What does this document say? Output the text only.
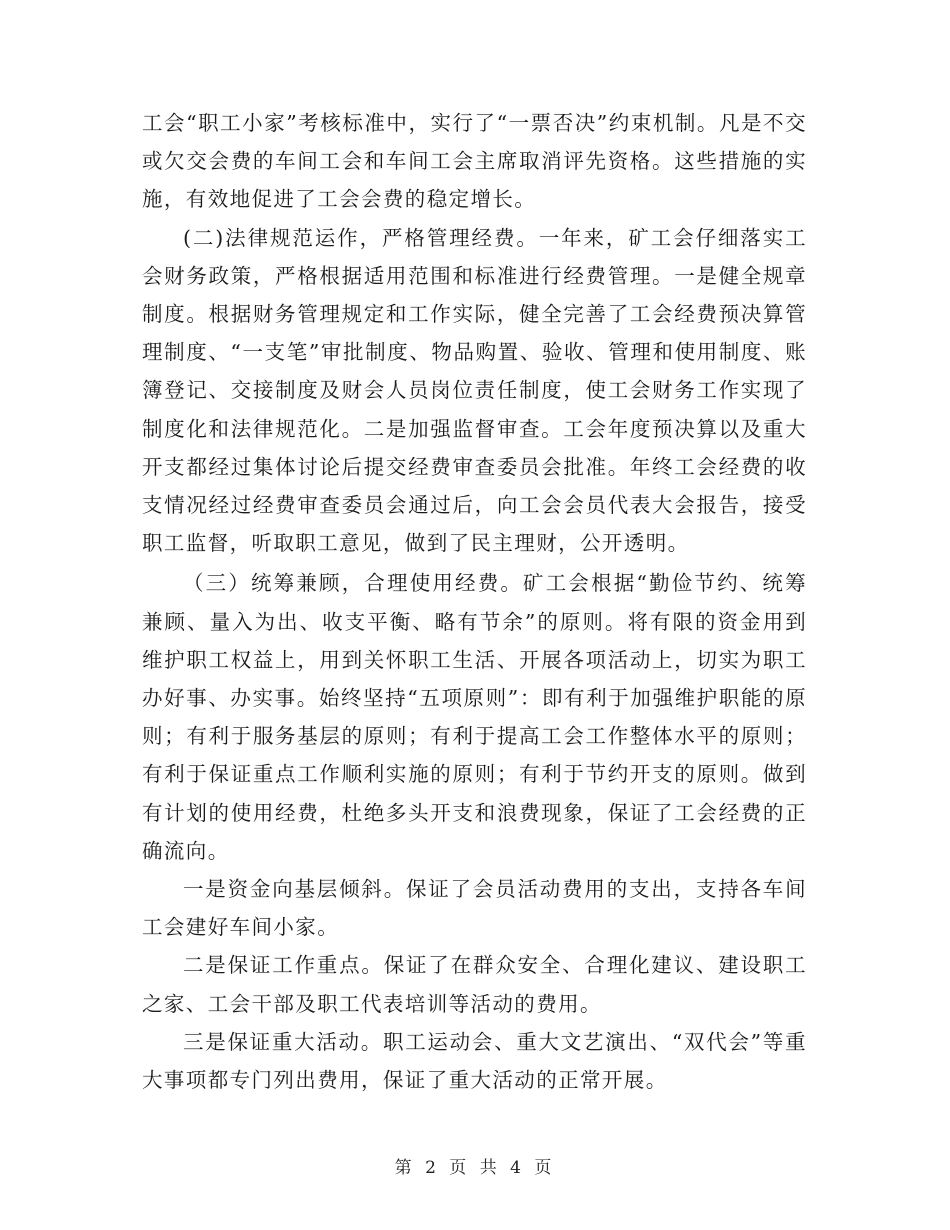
工会“职工小家”考核标准中，实行了“一票否决”约束机制。凡是不交或欠交会费的车间工会和车间工会主席取消评先资格。这些措施的实施，有效地促进了工会会费的稳定增长。

(二)法律规范运作，严格管理经费。一年来，矿工会仔细落实工会财务政策，严格根据适用范围和标准进行经费管理。一是健全规章制度。根据财务管理规定和工作实际，健全完善了工会经费预决算管理制度、“一支笔”审批制度、物品购置、验收、管理和使用制度、账簿登记、交接制度及财会人员岗位责任制度，使工会财务工作实现了制度化和法律规范化。二是加强监督审查。工会年度预决算以及重大开支都经过集体讨论后提交经费审查委员会批准。年终工会经费的收支情况经过经费审查委员会通过后，向工会会员代表大会报告，接受职工监督，听取职工意见，做到了民主理财，公开透明。

（三）统筹兼顾，合理使用经费。矿工会根据“勤俭节约、统筹兼顾、量入为出、收支平衡、略有节余”的原则。将有限的资金用到维护职工权益上，用到关怀职工生活、开展各项活动上，切实为职工办好事、办实事。始终坚持“五项原则”：即有利于加强维护职能的原则；有利于服务基层的原则；有利于提高工会工作整体水平的原则；有利于保证重点工作顺利实施的原则；有利于节约开支的原则。做到有计划的使用经费，杜绝多头开支和浪费现象，保证了工会经费的正确流向。

一是资金向基层倾斜。保证了会员活动费用的支出，支持各车间工会建好车间小家。

二是保证工作重点。保证了在群众安全、合理化建议、建设职工之家、工会干部及职工代表培训等活动的费用。

三是保证重大活动。职工运动会、重大文艺演出、“双代会”等重大事项都专门列出费用，保证了重大活动的正常开展。

第 2 页 共 4 页
